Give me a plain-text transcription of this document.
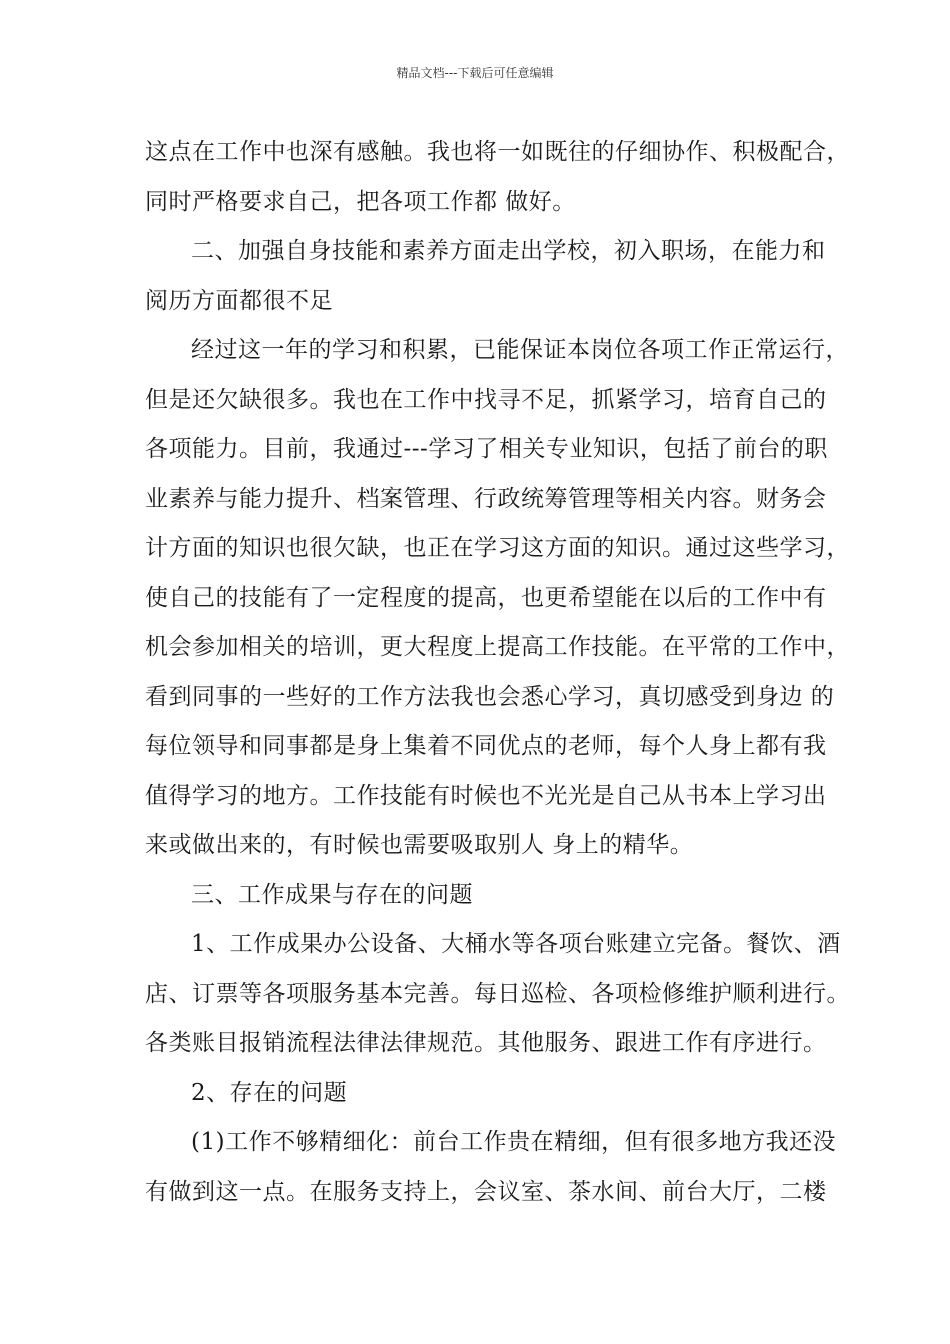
精品文档---下载后可任意编辑
这点在工作中也深有感触。我也将一如既往的仔细协作、积极配合，
同时严格要求自己，把各项工作都 做好。
二、加强自身技能和素养方面走出学校，初入职场，在能力和
阅历方面都很不足
经过这一年的学习和积累，已能保证本岗位各项工作正常运行，
但是还欠缺很多。我也在工作中找寻不足，抓紧学习，培育自己的
各项能力。目前，我通过---学习了相关专业知识，包括了前台的职
业素养与能力提升、档案管理、行政统筹管理等相关内容。财务会
计方面的知识也很欠缺，也正在学习这方面的知识。通过这些学习，
使自己的技能有了一定程度的提高，也更希望能在以后的工作中有
机会参加相关的培训，更大程度上提高工作技能。在平常的工作中，
看到同事的一些好的工作方法我也会悉心学习，真切感受到身边 的
每位领导和同事都是身上集着不同优点的老师，每个人身上都有我
值得学习的地方。工作技能有时候也不光光是自己从书本上学习出
来或做出来的，有时候也需要吸取别人 身上的精华。
三、工作成果与存在的问题
1、工作成果办公设备、大桶水等各项台账建立完备。餐饮、酒
店、订票等各项服务基本完善。每日巡检、各项检修维护顺利进行。
各类账目报销流程法律法律规范。其他服务、跟进工作有序进行。
2、存在的问题
(1)工作不够精细化：前台工作贵在精细，但有很多地方我还没
有做到这一点。在服务支持上，会议室、茶水间、前台大厅，二楼
